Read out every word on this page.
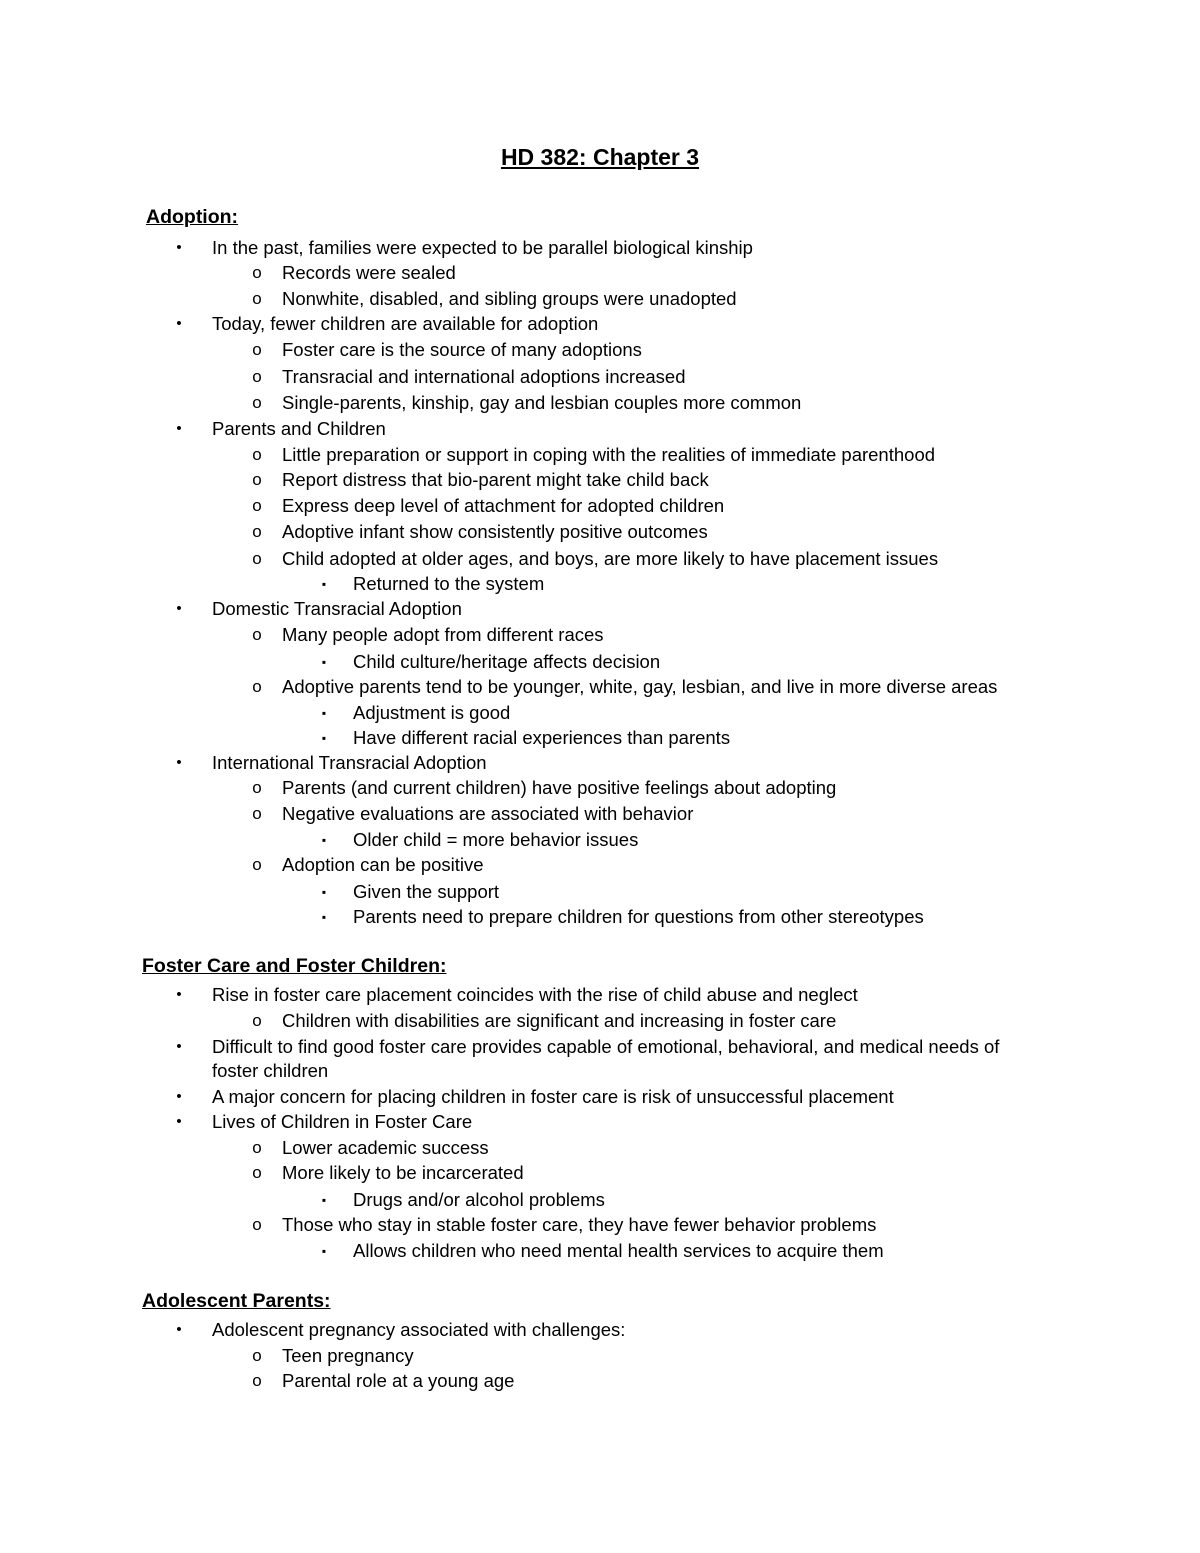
HD 382: Chapter 3
Adoption:
• In the past, families were expected to be parallel biological kinship
o Records were sealed
o Nonwhite, disabled, and sibling groups were unadopted
• Today, fewer children are available for adoption
o Foster care is the source of many adoptions
o Transracial and international adoptions increased
o Single-parents, kinship, gay and lesbian couples more common
• Parents and Children
o Little preparation or support in coping with the realities of immediate parenthood
o Report distress that bio-parent might take child back
o Express deep level of attachment for adopted children
o Adoptive infant show consistently positive outcomes
o Child adopted at older ages, and boys, are more likely to have placement issues
▪ Returned to the system
• Domestic Transracial Adoption
o Many people adopt from different races
▪ Child culture/heritage affects decision
o Adoptive parents tend to be younger, white, gay, lesbian, and live in more diverse areas
▪ Adjustment is good
▪ Have different racial experiences than parents
• International Transracial Adoption
o Parents (and current children) have positive feelings about adopting
o Negative evaluations are associated with behavior
▪ Older child = more behavior issues
o Adoption can be positive
▪ Given the support
▪ Parents need to prepare children for questions from other stereotypes
Foster Care and Foster Children:
• Rise in foster care placement coincides with the rise of child abuse and neglect
o Children with disabilities are significant and increasing in foster care
• Difficult to find good foster care provides capable of emotional, behavioral, and medical needs of foster children
• A major concern for placing children in foster care is risk of unsuccessful placement
• Lives of Children in Foster Care
o Lower academic success
o More likely to be incarcerated
▪ Drugs and/or alcohol problems
o Those who stay in stable foster care, they have fewer behavior problems
▪ Allows children who need mental health services to acquire them
Adolescent Parents:
• Adolescent pregnancy associated with challenges:
o Teen pregnancy
o Parental role at a young age
